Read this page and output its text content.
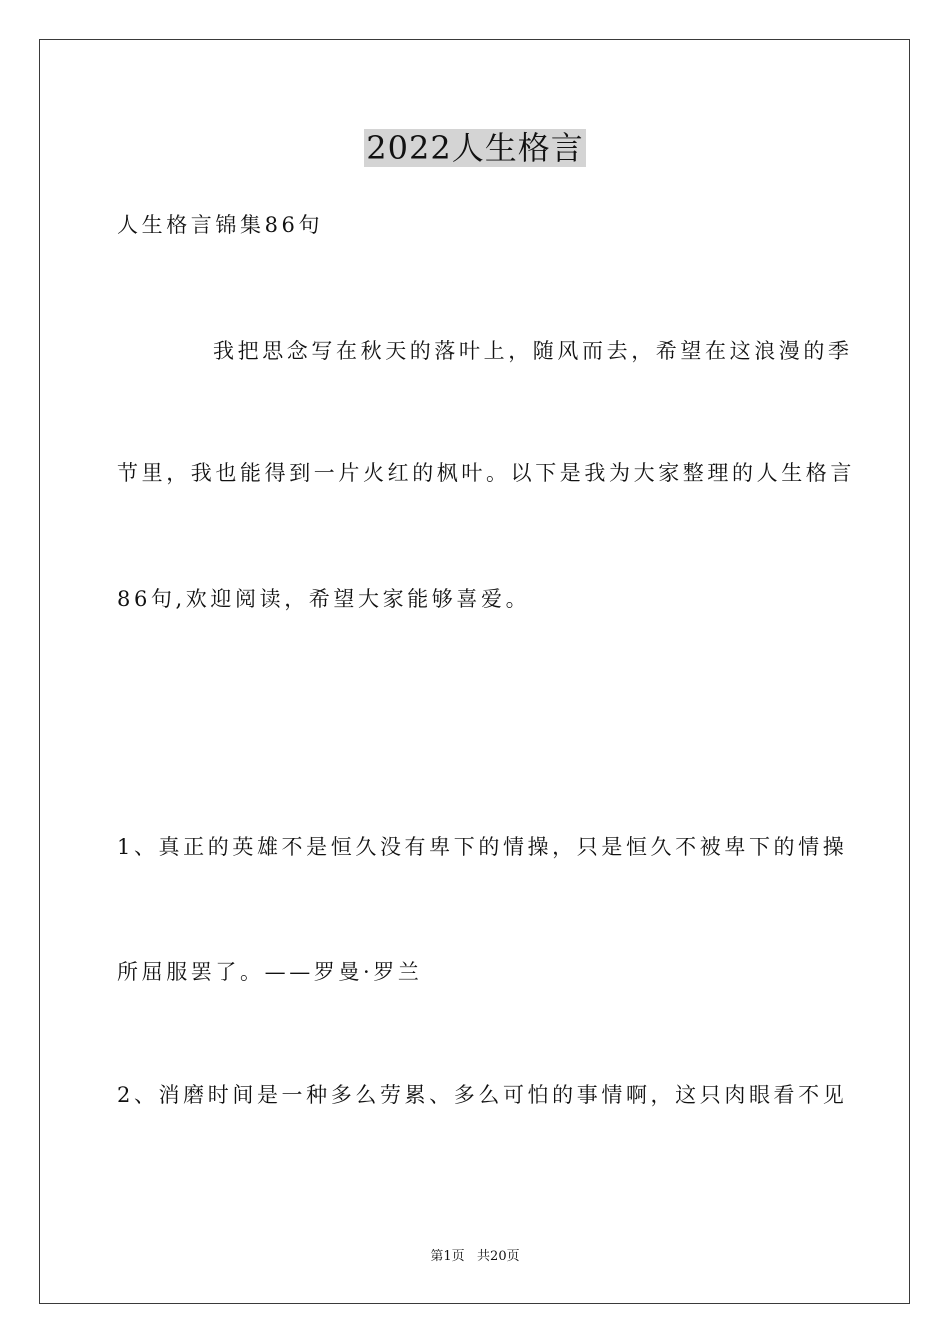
2022人生格言
人生格言锦集86句
我把思念写在秋天的落叶上，随风而去，希望在这浪漫的季
节里，我也能得到一片火红的枫叶。以下是我为大家整理的人生格言
86句,欢迎阅读，希望大家能够喜爱。
1、真正的英雄不是恒久没有卑下的情操，只是恒久不被卑下的情操
所屈服罢了。——罗曼·罗兰
2、消磨时间是一种多么劳累、多么可怕的事情啊，这只肉眼看不见
第1页   共20页
